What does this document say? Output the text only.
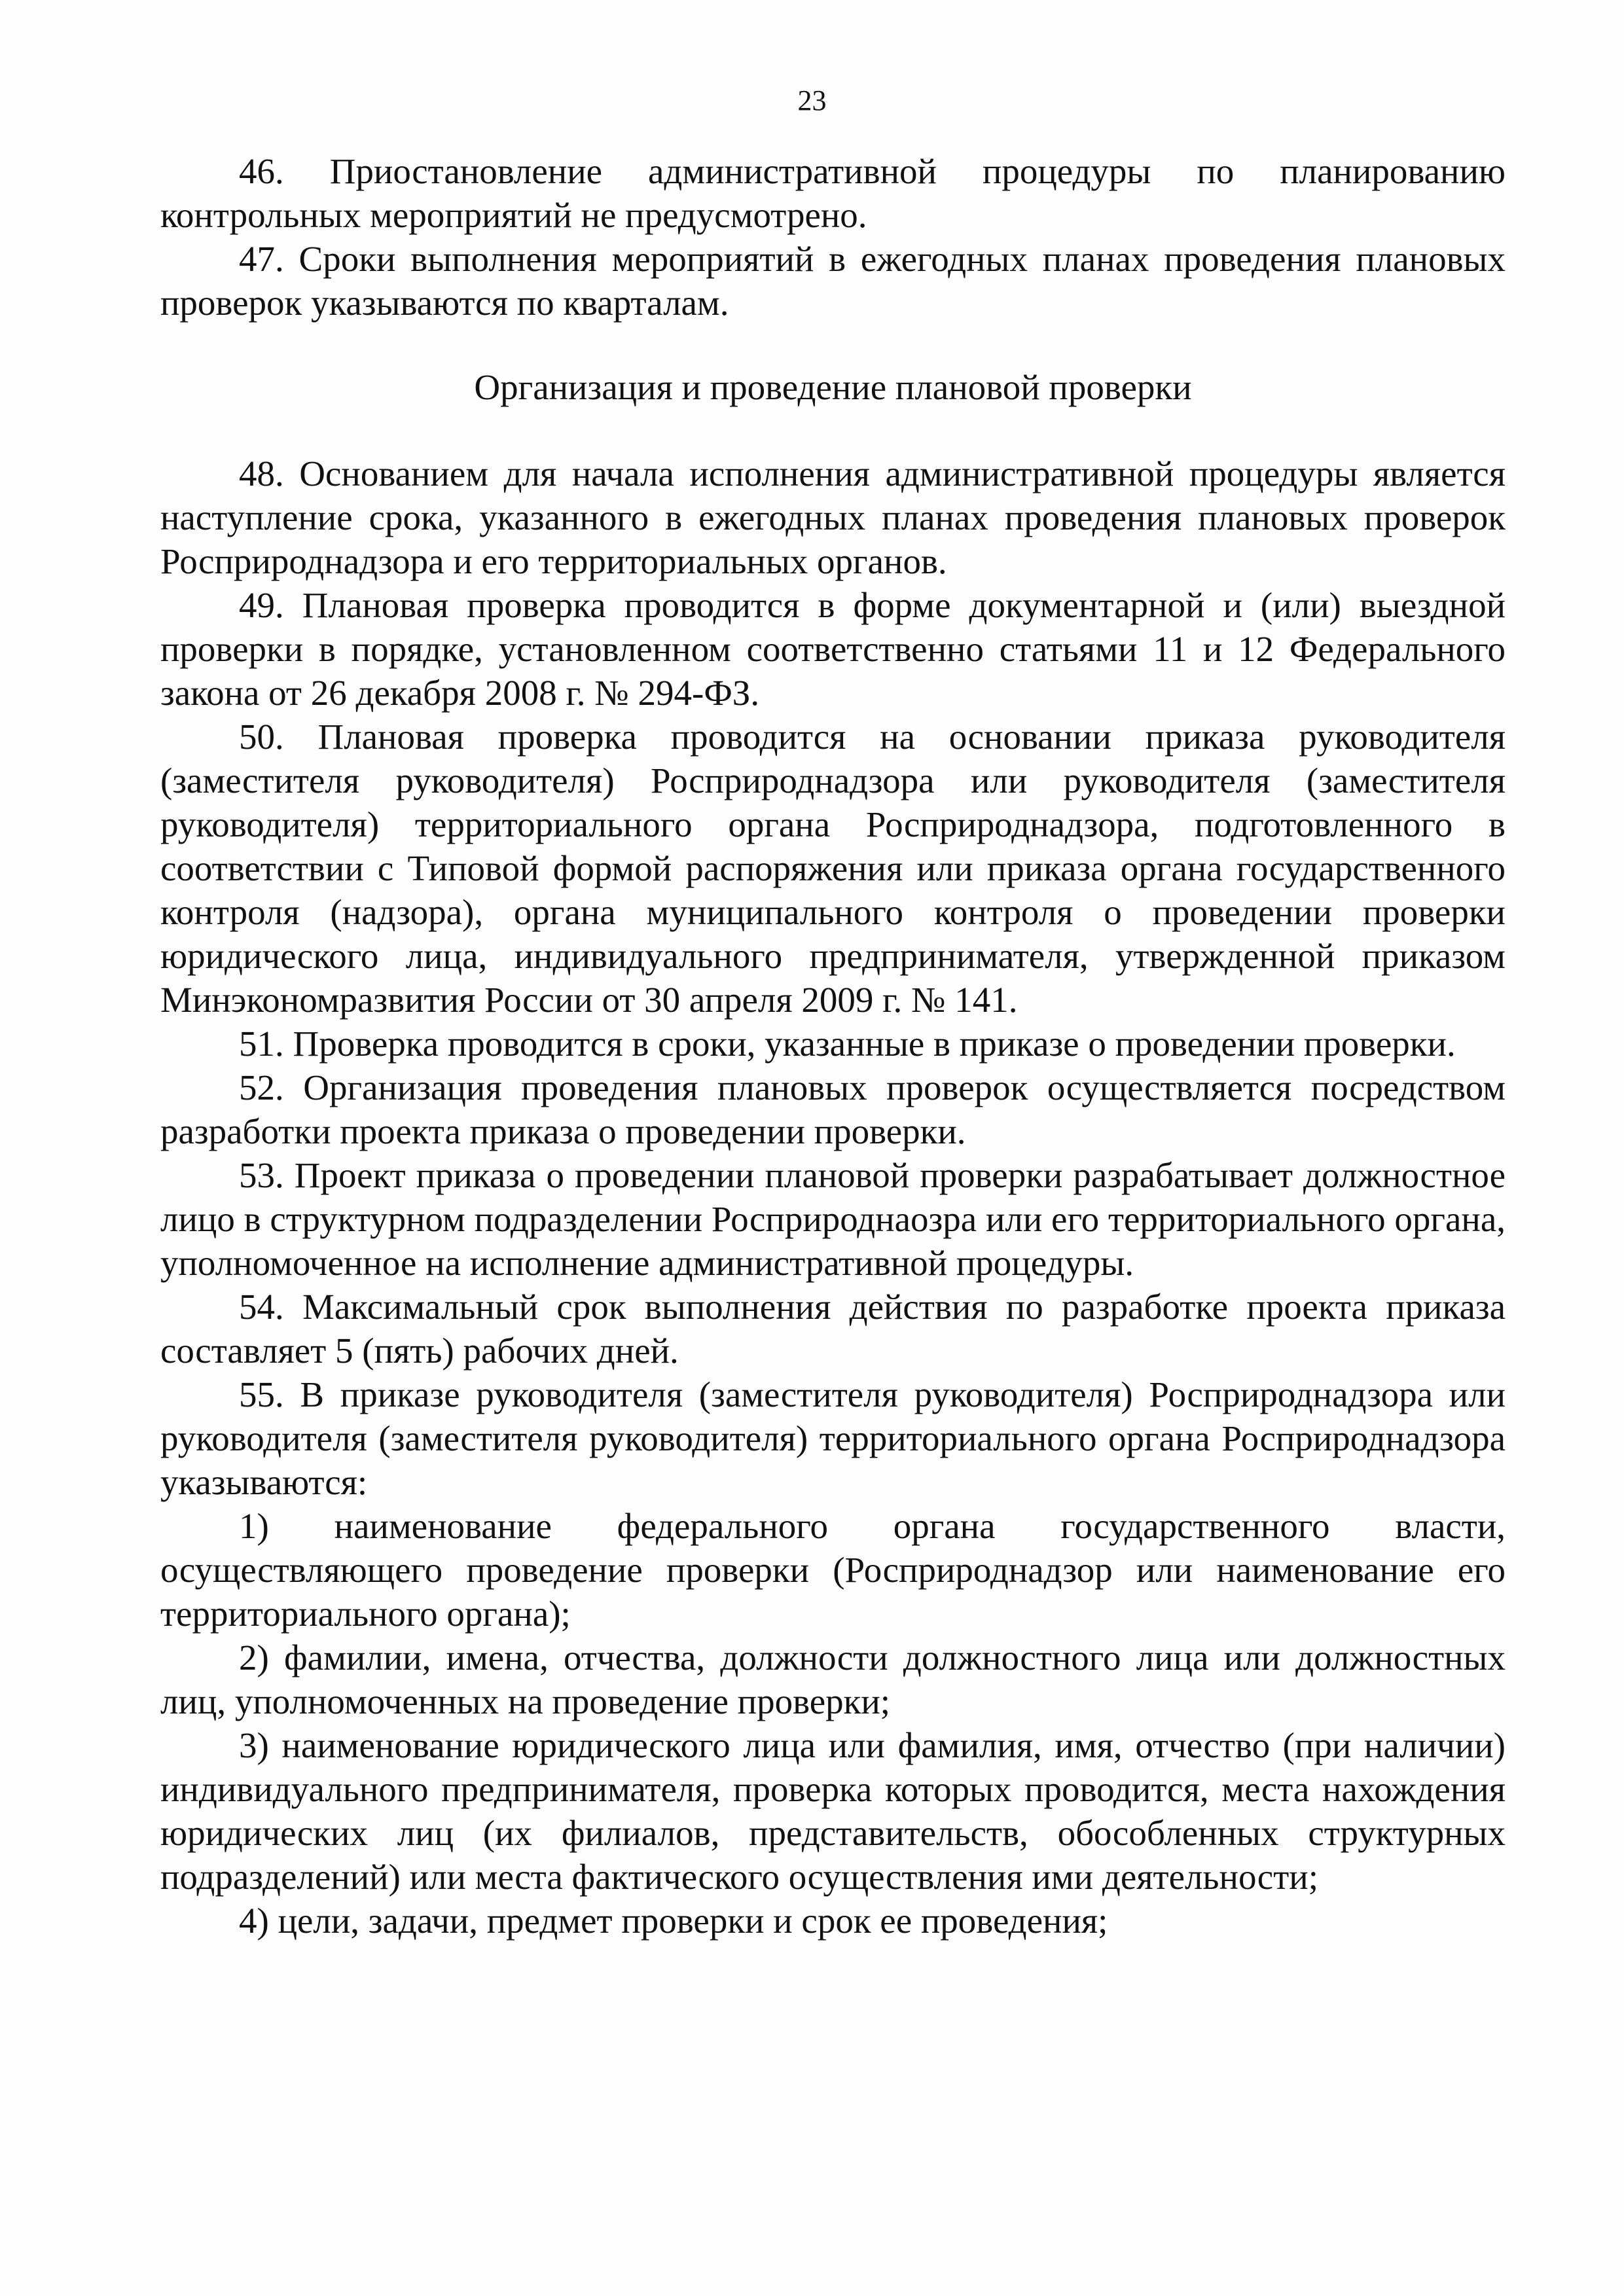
23

46. Приостановление административной процедуры по планированию контрольных мероприятий не предусмотрено.

47. Сроки выполнения мероприятий в ежегодных планах проведения плановых проверок указываются по кварталам.

Организация и проведение плановой проверки

48. Основанием для начала исполнения административной процедуры является наступление срока, указанного в ежегодных планах проведения плановых проверок Росприроднадзора и его территориальных органов.

49. Плановая проверка проводится в форме документарной и (или) выездной проверки в порядке, установленном соответственно статьями 11 и 12 Федерального закона от 26 декабря 2008 г. № 294-ФЗ.

50. Плановая проверка проводится на основании приказа руководителя (заместителя руководителя) Росприроднадзора или руководителя (заместителя руководителя) территориального органа Росприроднадзора, подготовленного в соответствии с Типовой формой распоряжения или приказа органа государственного контроля (надзора), органа муниципального контроля о проведении проверки юридического лица, индивидуального предпринимателя, утвержденной приказом Минэкономразвития России от 30 апреля 2009 г. № 141.

51. Проверка проводится в сроки, указанные в приказе о проведении проверки.

52. Организация проведения плановых проверок осуществляется посредством разработки проекта приказа о проведении проверки.

53. Проект приказа о проведении плановой проверки разрабатывает должностное лицо в структурном подразделении Росприроднаозра или его территориального органа, уполномоченное на исполнение административной процедуры.

54. Максимальный срок выполнения действия по разработке проекта приказа составляет 5 (пять) рабочих дней.

55. В приказе руководителя (заместителя руководителя) Росприроднадзора или руководителя (заместителя руководителя) территориального органа Росприроднадзора указываются:

1) наименование федерального органа государственного власти, осуществляющего проведение проверки (Росприроднадзор или наименование его территориального органа);

2) фамилии, имена, отчества, должности должностного лица или должностных лиц, уполномоченных на проведение проверки;

3) наименование юридического лица или фамилия, имя, отчество (при наличии) индивидуального предпринимателя, проверка которых проводится, места нахождения юридических лиц (их филиалов, представительств, обособленных структурных подразделений) или места фактического осуществления ими деятельности;

4) цели, задачи, предмет проверки и срок ее проведения;
